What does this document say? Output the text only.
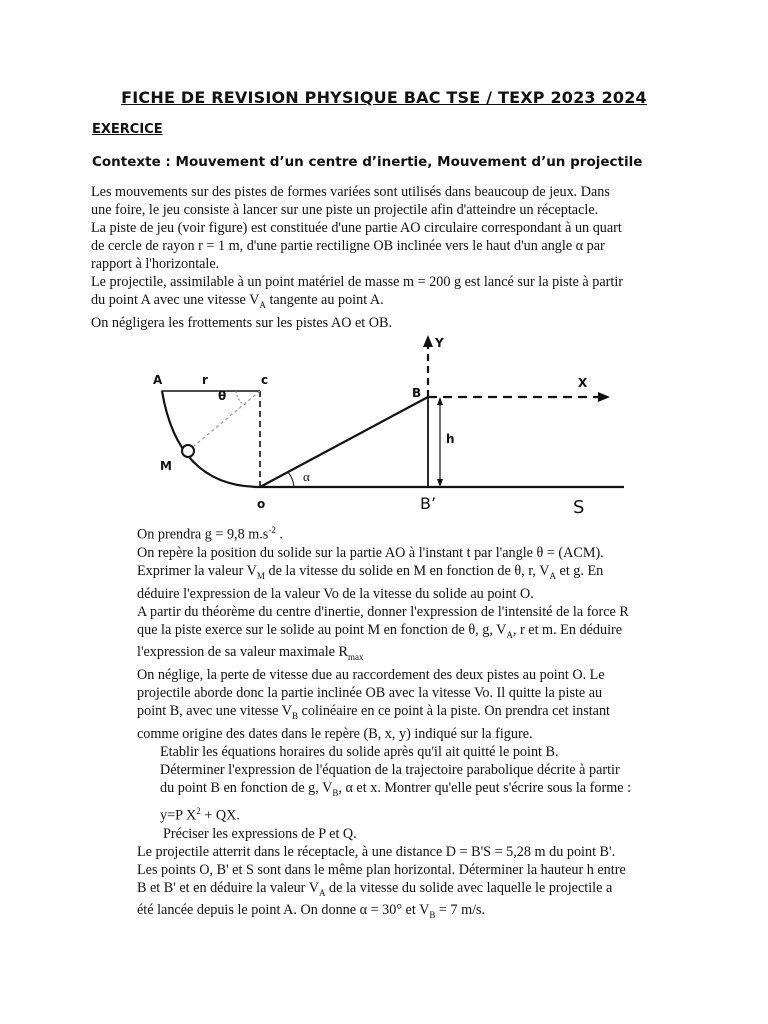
FICHE DE REVISION PHYSIQUE BAC TSE / TEXP 2023 2024
EXERCICE
Contexte : Mouvement d’un centre d’inertie, Mouvement d’un projectile
Les mouvements sur des pistes de formes variées sont utilisés dans beaucoup de jeux. Dans
une foire, le jeu consiste à lancer sur une piste un projectile afin d'atteindre un réceptacle.
La piste de jeu (voir figure) est constituée d'une partie AO circulaire correspondant à un quart
de cercle de rayon r = 1 m, d'une partie rectiligne OB inclinée vers le haut d'un angle α par
rapport à l'horizontale.
Le projectile, assimilable à un point matériel de masse m = 200 g est lancé sur la piste à partir
du point A avec une vitesse $V_A$ tangente au point A.
On négligera les frottements sur les pistes AO et OB.
A	r	c
θ
M
o
B
h
α
B’	S
X
Y
On prendra g = 9,8 $m.s^{-2}$ .
On repère la position du solide sur la partie AO à l'instant t par l'angle θ = (ACM).
Exprimer la valeur $V_M$ de la vitesse du solide en M en fonction de θ, r, $V_A$ et g. En
déduire l'expression de la valeur Vo de la vitesse du solide au point O.
A partir du théorème du centre d'inertie, donner l'expression de l'intensité de la force R
que la piste exerce sur le solide au point M en fonction de θ, g, $V_A$, r et m. En déduire
l'expression de sa valeur maximale $R_{max}$
On néglige, la perte de vitesse due au raccordement des deux pistes au point O. Le
projectile aborde donc la partie inclinée OB avec la vitesse Vo. Il quitte la piste au
point B, avec une vitesse $V_B$ colinéaire en ce point à la piste. On prendra cet instant
comme origine des dates dans le repère (B, x, y) indiqué sur la figure.
Etablir les équations horaires du solide après qu'il ait quitté le point B.
Déterminer l'expression de l'équation de la trajectoire parabolique décrite à partir
du point B en fonction de g, $V_B$, α et x. Montrer qu'elle peut s'écrire sous la forme :
y=P $X^2$ + QX.
Préciser les expressions de P et Q.
Le projectile atterrit dans le réceptacle, à une distance D = B'S = 5,28 m du point B'.
Les points O, B' et S sont dans le même plan horizontal. Déterminer la hauteur h entre
B et B' et en déduire la valeur $V_A$ de la vitesse du solide avec laquelle le projectile a
été lancée depuis le point A. On donne α = 30° et $V_B = 7$ m/s.
